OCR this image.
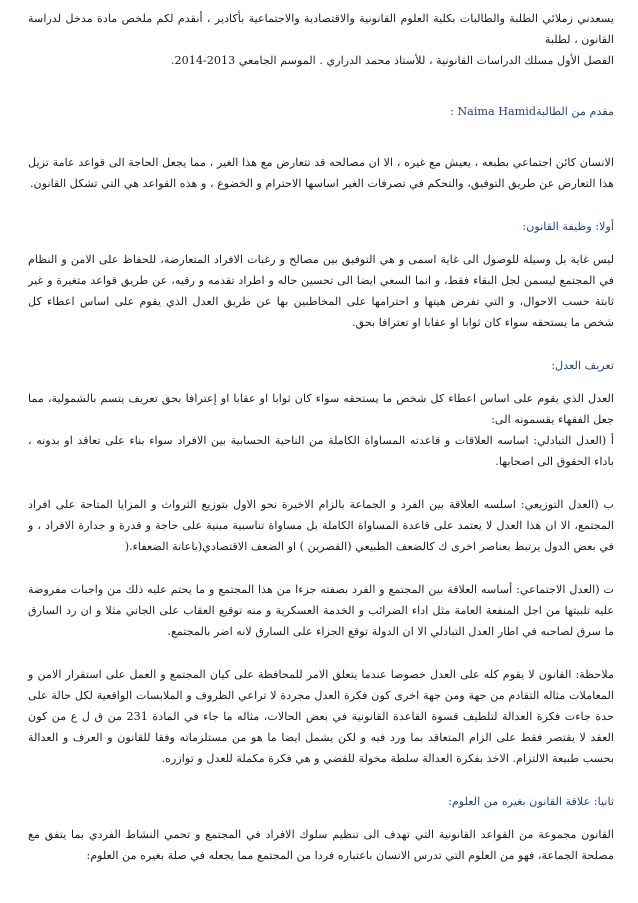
يسعدني زملائي الطلبة والطالبات بكلية العلوم القانونية والاقتصادية والاجتماعية بأكادير ، أنقدم لكم ملخص مادة مدخل لدراسة القانون ، لطلبة

الفصل الأول مسلك الدراسات القانونية ، للأستاذ محمد الدراري . الموسم الجامعي 2013-2014.

مقدم من الطالبةNaima Hamid :

الانسان كائن اجتماعي بطبعه ، يعيش مع غيره ، الا ان مصالحه قد تتعارض مع هذا الغير ، مما يجعل الحاجة الى قواعد عامة تزيل هذا التعارض عن طريق التوفيق، والتحكم في تصرفات الغير اساسها الاحترام و الخضوع ، و هذه القواعد هي التي تشكل القانون.

أولا: وظيفة القانون:

ليس غاية بل وسيلة للوصول الى غاية اسمى و هي التوفيق بين مصالح و رغبات الافراد المتعارضة، للحفاظ على الامن و النظام في المجتمع ليسمن لجل البقاء فقط، و انما السعي ايضا الى تحسين حاله و اطراد تقدمه و رقيه، عن طريق قواعد متغيرة و غير ثابتة حسب الاحوال، و التي تفرض هيتها و احترامها على المخاطبين بها عن طريق العدل الذي يقوم على اساس اعطاء كل شخص ما يستحقه سواء كان ثوابا او عقابا او تعترافا بحق.

تعريف العدل:

العدل الذي يقوم على اساس اعطاء كل شخص ما يستحقه سواء كان ثوابا او عقابا او إعترافا بحق تعريف يتسم بالشمولية، مما جعل الفقهاء يقسمونه الى:

أ (العدل التبادلي: اساسه العلاقات و قاعدته المساواة الكاملة من الناحية الحسابية بين الافراد سواء بناء على تعاقد او بدونه ، باداء الحقوق الى اصحابها.

ب (العدل التوزيعي: اسلسه العلاقة بين الفرد و الجماعة بالزام الاخيرة نحو الاول بتوزيع الثرواث و المزايا المتاحة على افراد المجتمع، الا ان هذا العدل لا يعتمد على قاعدة المساواة الكاملة بل مساواة تناسبية مبنية على حاجة و قدرة و جدارة الافراد ، و في بعض الدول يرتبط بعناصر اخرى ك كالضعف الطبيعي (القصرين ) او الضعف الاقتصادي(باعانة الضعفاء.(

ت (العدل الاجتماعي: أساسه العلاقة بين المجتمع و الفرد بصفته جزءا من هذا المجتمع و ما يحتم عليه ذلك من واجبات مفروضة عليه تلبيتها من اجل المنفعة العامة مثل اداء الضرائب و الخدمة العسكرية و منه توقيع العقاب على الجاني مثلا و ان رد السارق ما سرق لصاحبه في اطار العدل التبادلي الا ان الدولة توقع الجزاء على السارق لانه اضر بالمجتمع.

ملاحظة: القانون لا يقوم كله على العدل خصوصا عندما يتعلق الامر للمحافظة على كيان المجتمع و العمل على استقرار الامن و المعاملات مثاله التقادم من جهة ومن جهة اخرى كون فكرة العدل مجردة لا تراعي الظروف و الملابسات الواقعية لكل حالة على حدة جاءت فكرة العدالة لتلطيف قسوة القاعدة القانونية في بعض الحالات، مثاله ما جاء في المادة 231 من ق ل ع من كون العقد لا يقتصر فقط على الزام المتعاقد بما ورد فيه و لكن يشمل ايضا ما هو من مستلزماته وفقا للقانون و العرف و العدالة بحسب طبيعة الالتزام. الاخذ بفكرة العدالة سلطة مخولة للقضي و هي فكرة مكملة للعدل و توازره.

ثانيا: علاقة القانون بغيره من العلوم:

القانون مجموعة من القواعد القانونية التي تهدف الى تنظيم سلوك الافراد في المجتمع و تحمي النشاط الفردي بما يتفق مع مصلحة الجماعة، فهو من العلوم التي تدرس الانسان باعتباره فردا من المجتمع مما يجعله في صلة بغيره من العلوم:
